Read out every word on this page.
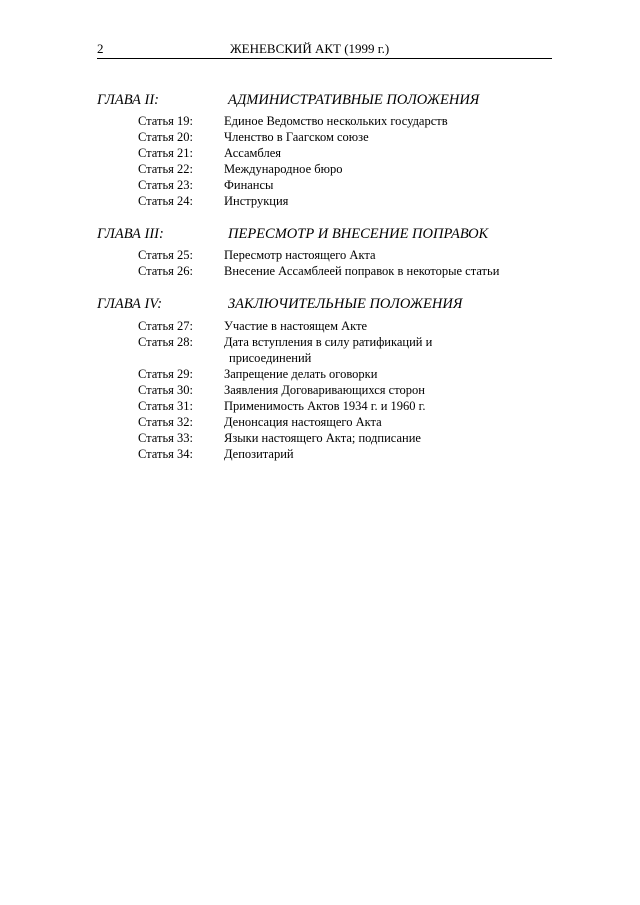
2	ЖЕНЕВСКИЙ АКТ (1999 г.)
ГЛАВА II:	АДМИНИСТРАТИВНЫЕ ПОЛОЖЕНИЯ
Статья 19: Единое Ведомство нескольких государств
Статья 20: Членство в Гаагском союзе
Статья 21: Ассамблея
Статья 22: Международное бюро
Статья 23: Финансы
Статья 24: Инструкция
ГЛАВА III:	ПЕРЕСМОТР И ВНЕСЕНИЕ ПОПРАВОК
Статья 25: Пересмотр настоящего Акта
Статья 26: Внесение Ассамблеей поправок в некоторые статьи
ГЛАВА IV:	ЗАКЛЮЧИТЕЛЬНЫЕ ПОЛОЖЕНИЯ
Статья 27: Участие в настоящем Акте
Статья 28: Дата вступления в силу ратификаций и
присоединений
Статья 29: Запрещение делать оговорки
Статья 30: Заявления Договаривающихся сторон
Статья 31: Применимость Актов 1934 г. и 1960 г.
Статья 32: Денонсация настоящего Акта
Статья 33: Языки настоящего Акта; подписание
Статья 34: Депозитарий
